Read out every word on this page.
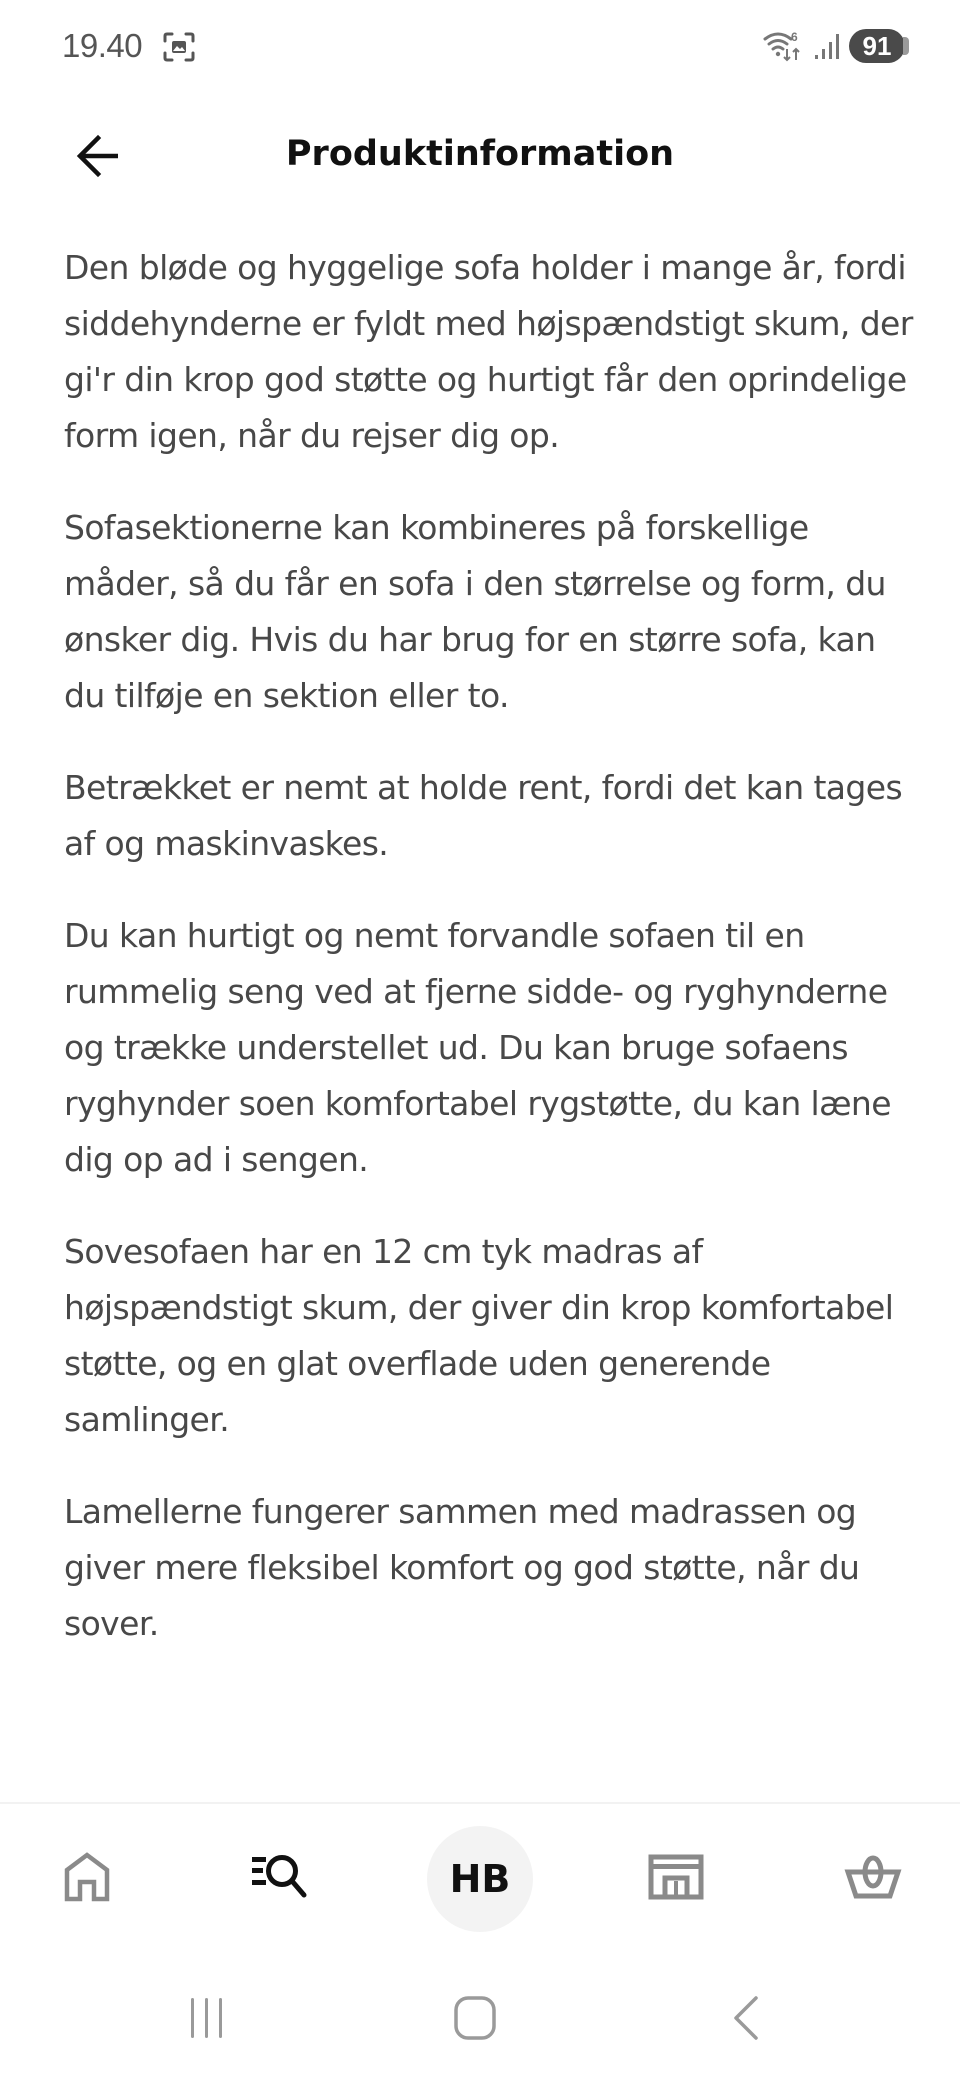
19.40	6	91
Produktinformation

Den bløde og hyggelige sofa holder i mange år, fordi siddehynderne er fyldt med højspændstigt skum, der gi'r din krop god støtte og hurtigt får den oprindelige form igen, når du rejser dig op.

Sofasektionerne kan kombineres på forskellige måder, så du får en sofa i den størrelse og form, du ønsker dig. Hvis du har brug for en større sofa, kan du tilføje en sektion eller to.

Betrækket er nemt at holde rent, fordi det kan tages af og maskinvaskes.

Du kan hurtigt og nemt forvandle sofaen til en rummelig seng ved at fjerne sidde- og ryghynderne og trække understellet ud. Du kan bruge sofaens ryghynder soen komfortabel rygstøtte, du kan læne dig op ad i sengen.

Sovesofaen har en 12 cm tyk madras af højspændstigt skum, der giver din krop komfortabel støtte, og en glat overflade uden generende samlinger.

Lamellerne fungerer sammen med madrassen og giver mere fleksibel komfort og god støtte, når du sover.

HB
